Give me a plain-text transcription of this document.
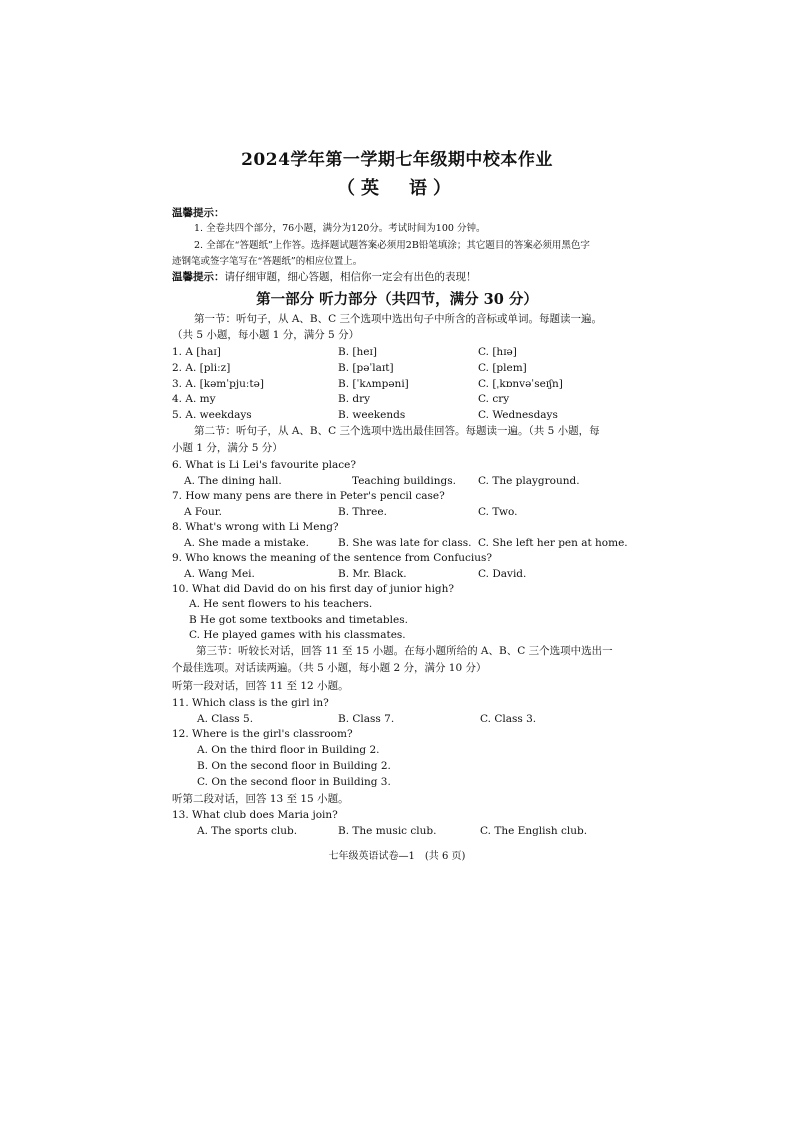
2024学年第一学期七年级期中校本作业
（英　语）
温馨提示：
1. 全卷共四个部分，76小题，满分为120分。考试时间为100 分钟。
2. 全部在“答题纸”上作答。选择题试题答案必须用2B铅笔填涂；其它题目的答案必须用黑色字
迹钢笔或签字笔写在“答题纸”的相应位置上。
温馨提示：请仔细审题，细心答题，相信你一定会有出色的表现！
第一部分 听力部分（共四节，满分 30 分）
第一节：听句子，从 A、B、C 三个选项中选出句子中所含的音标或单词。每题读一遍。
（共 5 小题，每小题 1 分，满分 5 分）
1. A [haɪ]	B. [heɪ]	C. [hɪə]
2. A. [pliːz]	B. [pəˈlaɪt]	C. [plem]
3. A. [kəmˈpjuːtə]	B. [ˈkʌmpəni]	C. [ˌkɒnvəˈseɪʃn]
4. A. my	B. dry	C. cry
5. A. weekdays	B. weekends	C. Wednesdays
第二节：听句子，从 A、B、C 三个选项中选出最佳回答。每题读一遍。（共 5 小题，每
小题 1 分，满分 5 分）
6. What is Li Lei's favourite place?
A. The dining hall.	Teaching buildings. C. The playground.
7. How many pens are there in Peter's pencil case?
A Four.	B. Three.	C. Two.
8. What's wrong with Li Meng?
A. She made a mistake.	B. She was late for class. C. She left her pen at home.
9. Who knows the meaning of the sentence from Confucius?
A. Wang Mei.	B. Mr. Black.	C. David.
10. What did David do on his first day of junior high?
A. He sent flowers to his teachers.
B He got some textbooks and timetables.
C. He played games with his classmates.
第三节：听较长对话，回答 11 至 15 小题。在每小题所给的 A、B、C 三个选项中选出一
个最佳选项。对话读两遍。（共 5 小题，每小题 2 分，满分 10 分）
听第一段对话，回答 11 至 12 小题。
11. Which class is the girl in?
A. Class 5.	B. Class 7.	C. Class 3.
12. Where is the girl's classroom?
A. On the third floor in Building 2.
B. On the second floor in Building 2.
C. On the second floor in Building 3.
听第二段对话，回答 13 至 15 小题。
13. What club does Maria join?
A. The sports club.	B. The music club.	C. The English club.
七年级英语试卷—1　(共 6 页)
